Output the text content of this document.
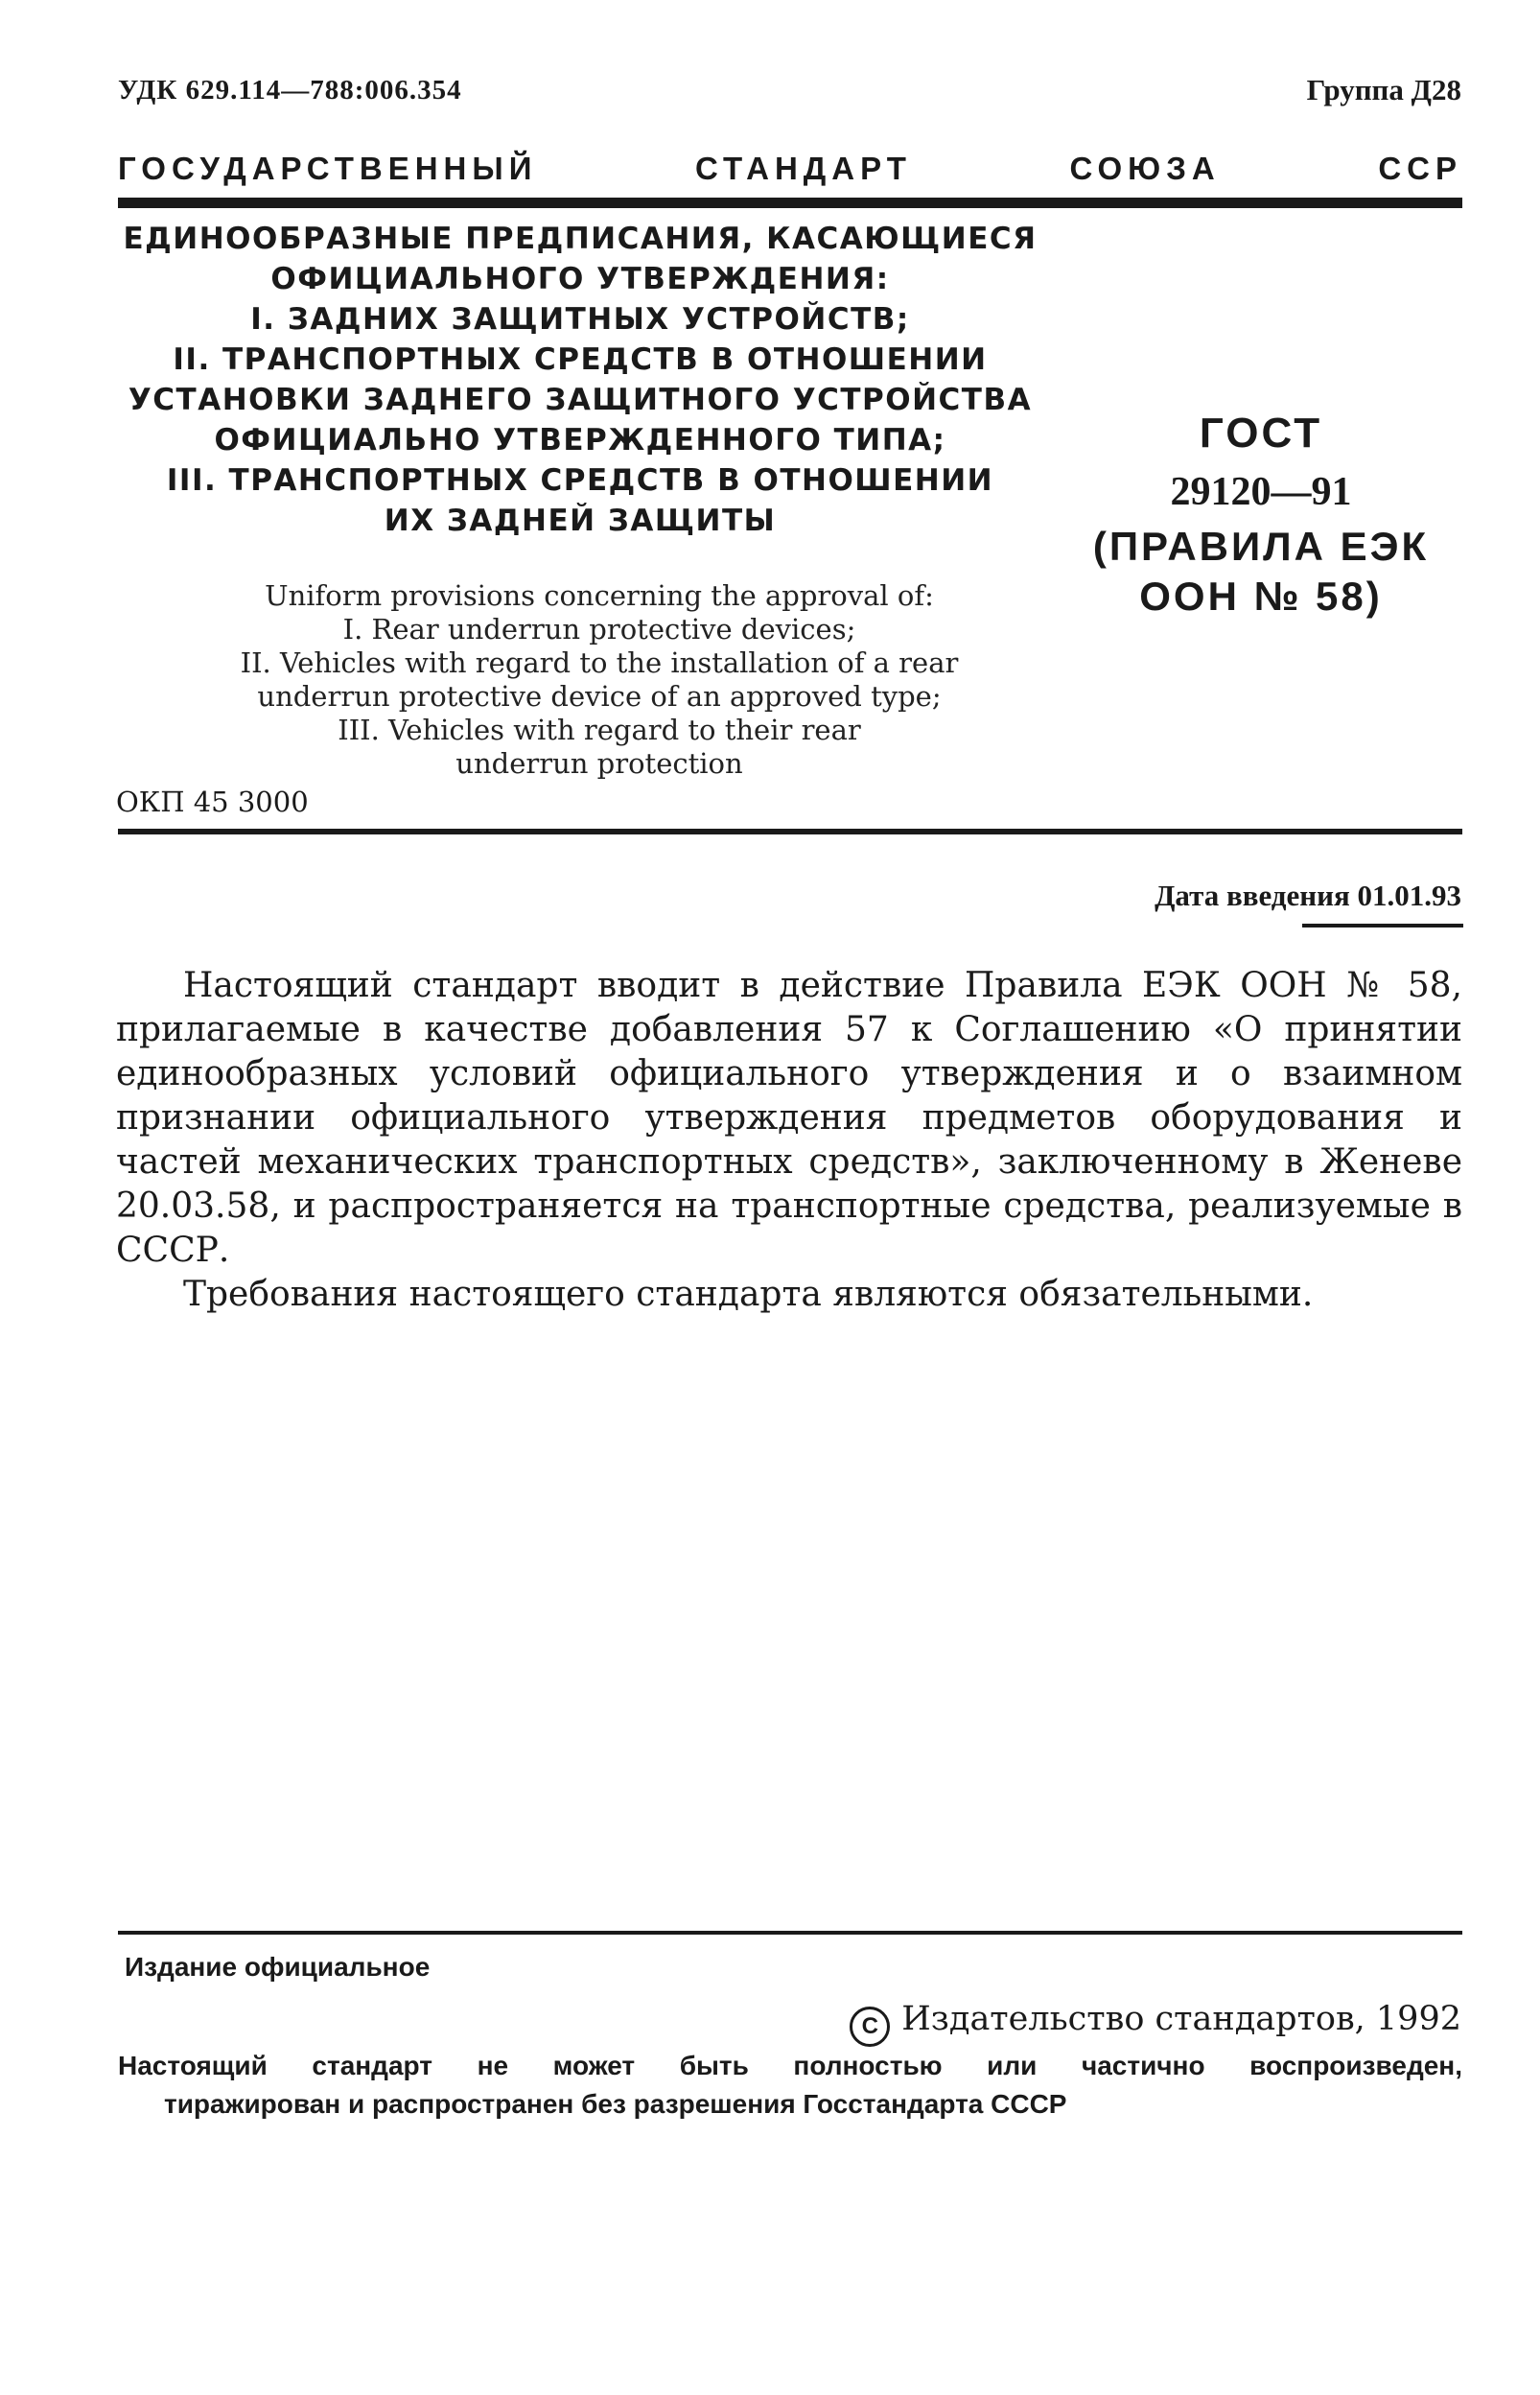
УДК 629.114—788:006.354	Группа Д28
ГОСУДАРСТВЕННЫЙ СТАНДАРТ СОЮЗА ССР
ЕДИНООБРАЗНЫЕ ПРЕДПИСАНИЯ, КАСАЮЩИЕСЯ
ОФИЦИАЛЬНОГО УТВЕРЖДЕНИЯ:
I. ЗАДНИХ ЗАЩИТНЫХ УСТРОЙСТВ;
II. ТРАНСПОРТНЫХ СРЕДСТВ В ОТНОШЕНИИ
УСТАНОВКИ ЗАДНЕГО ЗАЩИТНОГО УСТРОЙСТВА
ОФИЦИАЛЬНО УТВЕРЖДЕННОГО ТИПА;
III. ТРАНСПОРТНЫХ СРЕДСТВ В ОТНОШЕНИИ
ИХ ЗАДНЕЙ ЗАЩИТЫ
Uniform provisions concerning the approval of:
I. Rear underrun protective devices;
II. Vehicles with regard to the installation of a rear
underrun protective device of an approved type;
III. Vehicles with regard to their rear
underrun protection
ОКП 45 3000
ГОСТ
29120—91
(ПРАВИЛА ЕЭК
ООН № 58)
Дата введения 01.01.93

Настоящий стандарт вводит в действие Правила ЕЭК ООН № 58, прилагаемые в качестве добавления 57 к Соглашению «О принятии единообразных условий официального утверждения и о взаимном признании официального утверждения предметов оборудования и частей механических транспортных средств», заключенному в Женеве 20.03.58, и распространяется на транспортные средства, реализуемые в СССР.

Требования настоящего стандарта являются обязательными.

Издание официальное
C Издательство стандартов, 1992
Настоящий стандарт не может быть полностью или частично воспроизведен,
тиражирован и распространен без разрешения Госстандарта СССР
